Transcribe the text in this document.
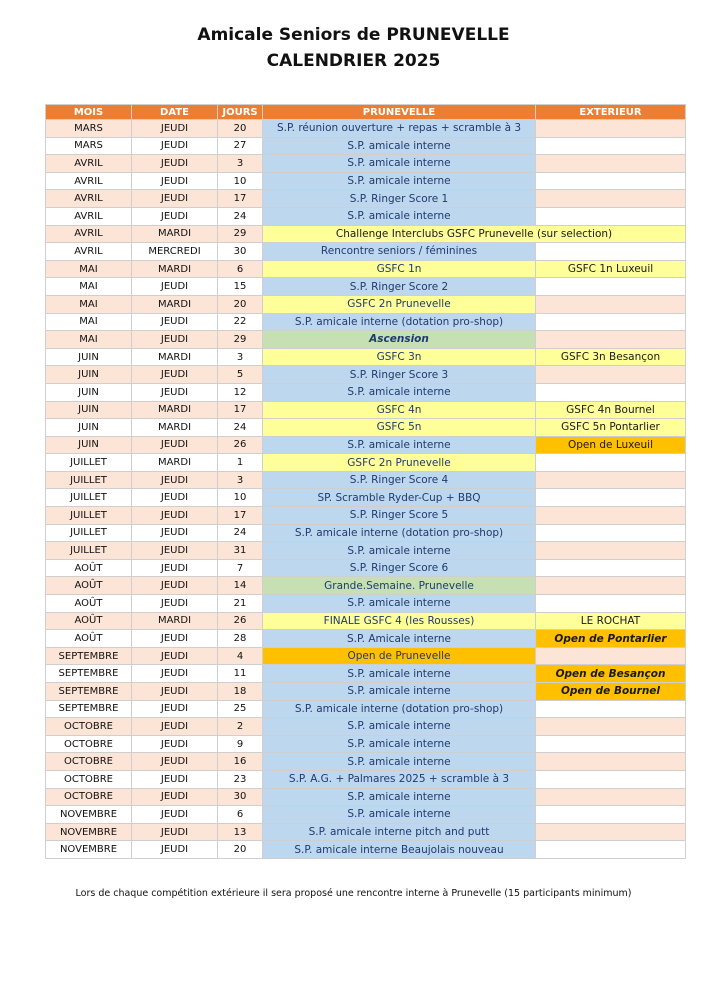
Amicale Seniors de PRUNEVELLE
CALENDRIER 2025
MOIS	DATE	JOURS	PRUNEVELLE	EXTERIEUR
MARS	JEUDI	20	S.P. réunion ouverture + repas + scramble à 3	
MARS	JEUDI	27	S.P. amicale interne	
AVRIL	JEUDI	3	S.P. amicale interne	
AVRIL	JEUDI	10	S.P. amicale interne	
AVRIL	JEUDI	17	S.P. Ringer Score 1	
AVRIL	JEUDI	24	S.P. amicale interne	
AVRIL	MARDI	29	Challenge Interclubs GSFC Prunevelle (sur selection)	
AVRIL	MERCREDI	30	Rencontre seniors / féminines	
MAI	MARDI	6	GSFC 1n	GSFC 1n Luxeuil
MAI	JEUDI	15	S.P. Ringer Score 2	
MAI	MARDI	20	GSFC 2n Prunevelle	
MAI	JEUDI	22	S.P. amicale interne (dotation pro-shop)	
MAI	JEUDI	29	Ascension	
JUIN	MARDI	3	GSFC 3n	GSFC 3n Besançon
JUIN	JEUDI	5	S.P. Ringer Score 3	
JUIN	JEUDI	12	S.P. amicale interne	
JUIN	MARDI	17	GSFC 4n	GSFC 4n Bournel
JUIN	MARDI	24	GSFC 5n	GSFC 5n Pontarlier
JUIN	JEUDI	26	S.P. amicale interne	Open de Luxeuil
JUILLET	MARDI	1	GSFC 2n Prunevelle	
JUILLET	JEUDI	3	S.P. Ringer Score 4	
JUILLET	JEUDI	10	SP. Scramble Ryder-Cup + BBQ	
JUILLET	JEUDI	17	S.P. Ringer Score 5	
JUILLET	JEUDI	24	S.P. amicale interne (dotation pro-shop)	
JUILLET	JEUDI	31	S.P. amicale interne	
AOÛT	JEUDI	7	S.P. Ringer Score 6	
AOÛT	JEUDI	14	Grande.Semaine. Prunevelle	
AOÛT	JEUDI	21	S.P. amicale interne	
AOÛT	MARDI	26	FINALE GSFC 4 (les Rousses)	LE ROCHAT
AOÛT	JEUDI	28	S.P. Amicale interne	Open de Pontarlier
SEPTEMBRE	JEUDI	4	Open de Prunevelle	
SEPTEMBRE	JEUDI	11	S.P. amicale interne	Open de Besançon
SEPTEMBRE	JEUDI	18	S.P. amicale interne	Open de Bournel
SEPTEMBRE	JEUDI	25	S.P. amicale interne (dotation pro-shop)	
OCTOBRE	JEUDI	2	S.P. amicale interne	
OCTOBRE	JEUDI	9	S.P. amicale interne	
OCTOBRE	JEUDI	16	S.P. amicale interne	
OCTOBRE	JEUDI	23	S.P. A.G. + Palmares 2025 + scramble à 3	
OCTOBRE	JEUDI	30	S.P. amicale interne	
NOVEMBRE	JEUDI	6	S.P. amicale interne	
NOVEMBRE	JEUDI	13	S.P. amicale interne pitch and putt	
NOVEMBRE	JEUDI	20	S.P. amicale interne Beaujolais nouveau	
Lors de chaque compétition extérieure il sera proposé une rencontre interne à Prunevelle (15 participants minimum)
